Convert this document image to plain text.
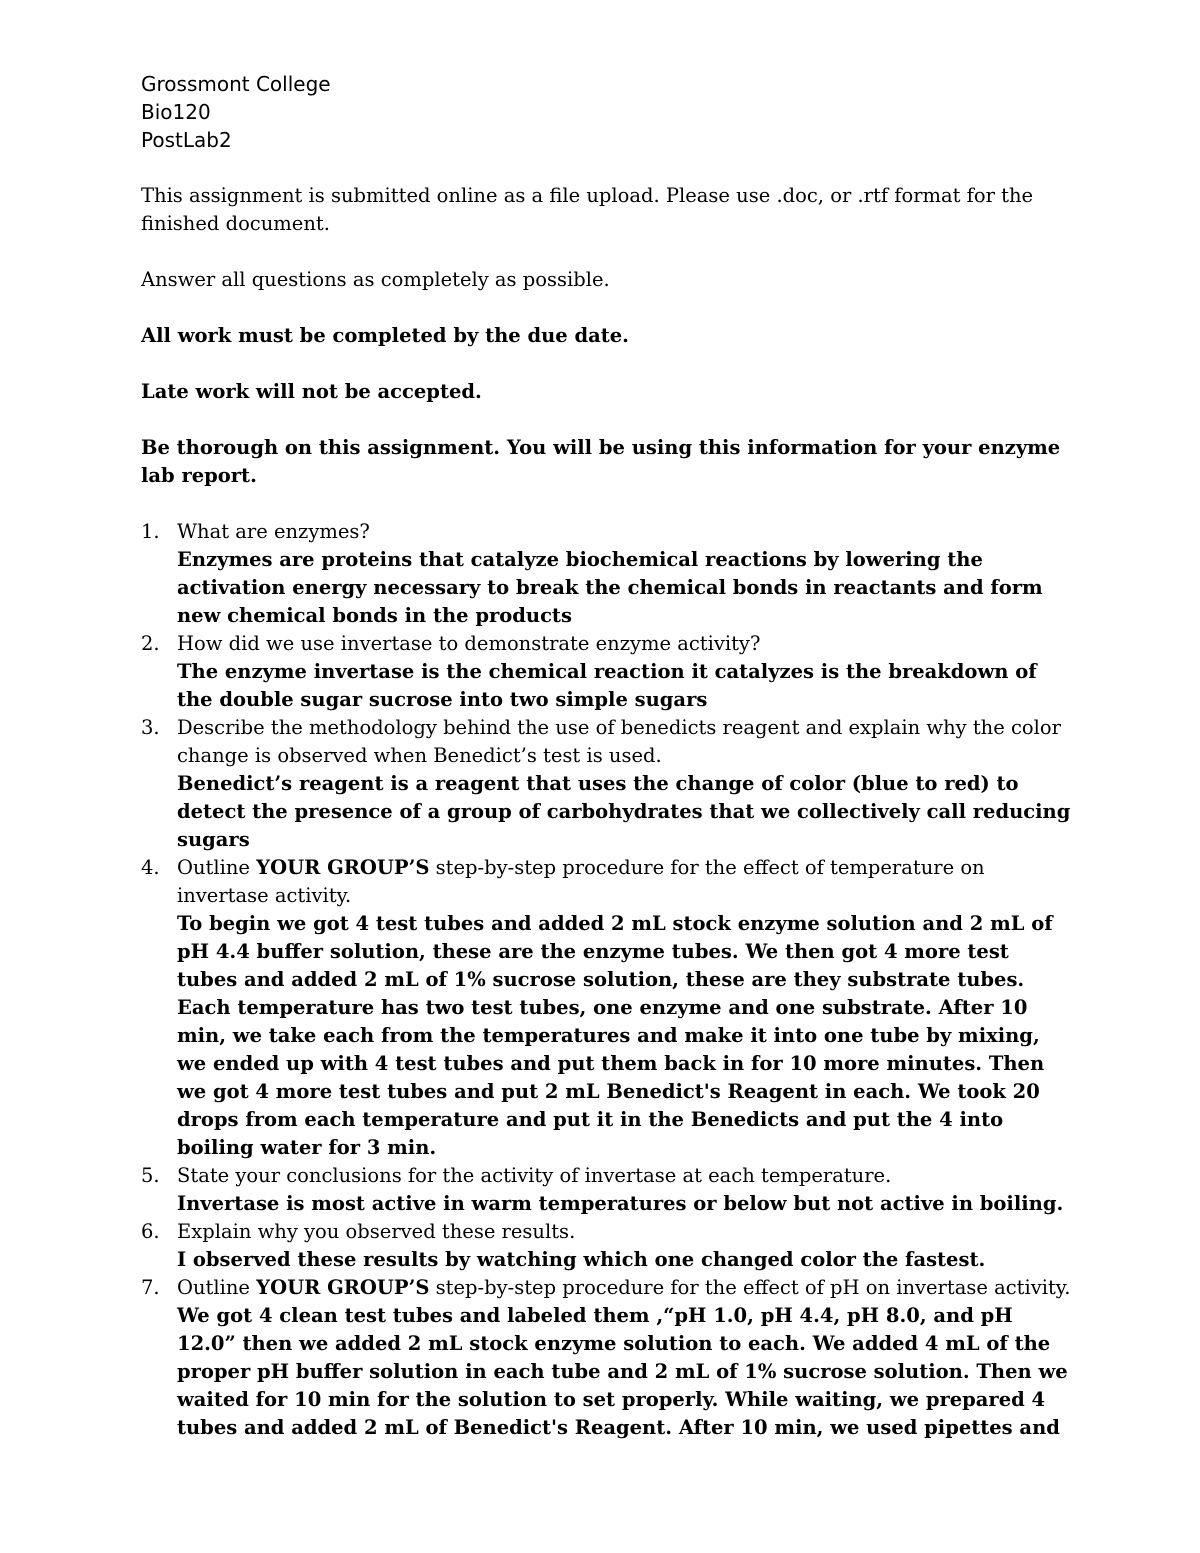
Grossmont College
Bio120
PostLab2

This assignment is submitted online as a file upload. Please use .doc, or .rtf format for the finished document.

Answer all questions as completely as possible.

All work must be completed by the due date.

Late work will not be accepted.

Be thorough on this assignment. You will be using this information for your enzyme lab report.

1. What are enzymes?
Enzymes are proteins that catalyze biochemical reactions by lowering the activation energy necessary to break the chemical bonds in reactants and form new chemical bonds in the products
2. How did we use invertase to demonstrate enzyme activity?
The enzyme invertase is the chemical reaction it catalyzes is the breakdown of the double sugar sucrose into two simple sugars
3. Describe the methodology behind the use of benedicts reagent and explain why the color change is observed when Benedict’s test is used.
Benedict’s reagent is a reagent that uses the change of color (blue to red) to detect the presence of a group of carbohydrates that we collectively call reducing sugars
4. Outline YOUR GROUP’S step-by-step procedure for the effect of temperature on invertase activity.
To begin we got 4 test tubes and added 2 mL stock enzyme solution and 2 mL of pH 4.4 buffer solution, these are the enzyme tubes. We then got 4 more test tubes and added 2 mL of 1% sucrose solution, these are they substrate tubes. Each temperature has two test tubes, one enzyme and one substrate. After 10 min, we take each from the temperatures and make it into one tube by mixing, we ended up with 4 test tubes and put them back in for 10 more minutes. Then we got 4 more test tubes and put 2 mL Benedict's Reagent in each. We took 20 drops from each temperature and put it in the Benedicts and put the 4 into boiling water for 3 min.
5. State your conclusions for the activity of invertase at each temperature.
Invertase is most active in warm temperatures or below but not active in boiling.
6. Explain why you observed these results.
I observed these results by watching which one changed color the fastest.
7. Outline YOUR GROUP’S step-by-step procedure for the effect of pH on invertase activity.
We got 4 clean test tubes and labeled them ,“pH 1.0, pH 4.4, pH 8.0, and pH 12.0” then we added 2 mL stock enzyme solution to each. We added 4 mL of the proper pH buffer solution in each tube and 2 mL of 1% sucrose solution. Then we waited for 10 min for the solution to set properly. While waiting, we prepared 4 tubes and added 2 mL of Benedict's Reagent. After 10 min, we used pipettes and
